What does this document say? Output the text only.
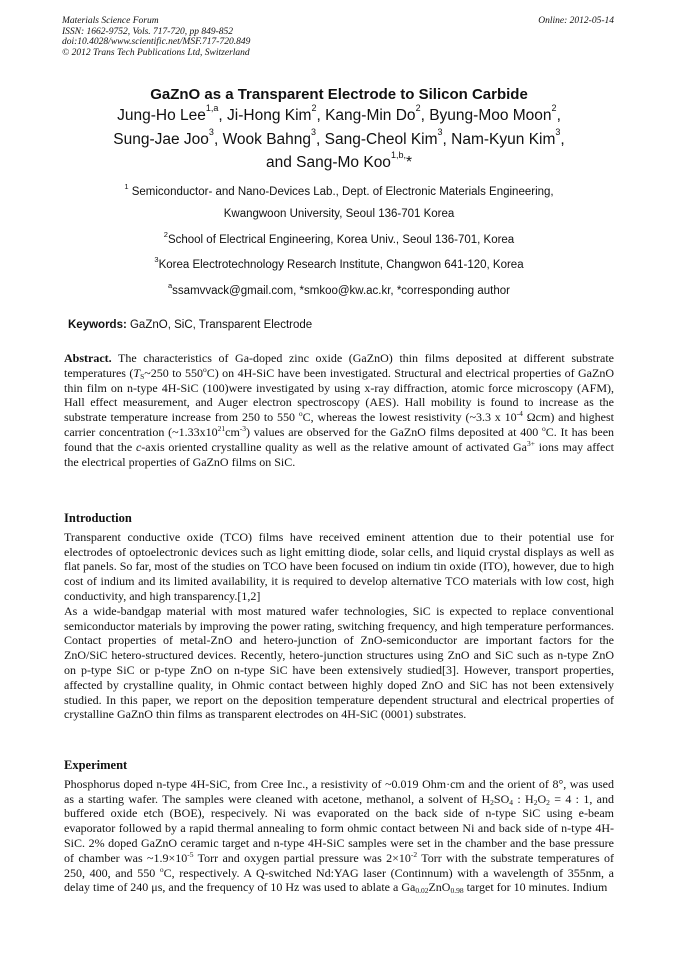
Materials Science Forum
ISSN: 1662-9752, Vols. 717-720, pp 849-852
doi:10.4028/www.scientific.net/MSF.717-720.849
© 2012 Trans Tech Publications Ltd, Switzerland
Online: 2012-05-14
GaZnO as a Transparent Electrode to Silicon Carbide
Jung-Ho Lee$^{1,a}$, Ji-Hong Kim$^2$, Kang-Min Do$^2$, Byung-Moo Moon$^2$,
Sung-Jae Joo$^3$, Wook Bahng$^3$, Sang-Cheol Kim$^3$, Nam-Kyun Kim$^3$,
and Sang-Mo Koo$^{1,b,}$*
$^1$ Semiconductor- and Nano-Devices Lab., Dept. of Electronic Materials Engineering,
Kwangwoon University, Seoul 136-701 Korea
$^2$School of Electrical Engineering, Korea Univ., Seoul 136-701, Korea
$^3$Korea Electrotechnology Research Institute, Changwon 641-120, Korea
$^a$ssamvvack@gmail.com, *smkoo@kw.ac.kr, *corresponding author
Keywords: GaZnO, SiC, Transparent Electrode

Abstract. The characteristics of Ga-doped zinc oxide (GaZnO) thin films deposited at different substrate temperatures ($T_S\sim 250$ to 550$^o$C) on 4H-SiC have been investigated. Structural and electrical properties of GaZnO thin film on n-type 4H-SiC (100)were investigated by using x-ray diffraction, atomic force microscopy (AFM), Hall effect measurement, and Auger electron spectroscopy (AES). Hall mobility is found to increase as the substrate temperature increase from 250 to 550 $^o$C, whereas the lowest resistivity (~3.3 x $10^{-4}$ Ωcm) and highest carrier concentration $(\sim 1.33x10^{21}cm^{-3})$ values are observed for the GaZnO films deposited at 400 $^o$C. It has been found that the c-axis oriented crystalline quality as well as the relative amount of activated $Ga^{3+}$ ions may affect the electrical properties of GaZnO films on SiC.

Introduction

Transparent conductive oxide (TCO) films have received eminent attention due to their potential use for electrodes of optoelectronic devices such as light emitting diode, solar cells, and liquid crystal displays as well as flat panels. So far, most of the studies on TCO have been focused on indium tin oxide (ITO), however, due to high cost of indium and its limited availability, it is required to develop alternative TCO materials with low cost, high conductivity, and high transparency.[1,2]

As a wide-bandgap material with most matured wafer technologies, SiC is expected to replace conventional semiconductor materials by improving the power rating, switching frequency, and high temperature performances. Contact properties of metal-ZnO and hetero-junction of ZnO-semiconductor are important factors for the ZnO/SiC hetero-structured devices. Recently, hetero-junction structures using ZnO and SiC such as n-type ZnO on p-type SiC or p-type ZnO on n-type SiC have been extensively studied[3]. However, transport properties, affected by crystalline quality, in Ohmic contact between highly doped ZnO and SiC has not been extensively studied. In this paper, we report on the deposition temperature dependent structural and electrical properties of crystalline GaZnO thin films as transparent electrodes on 4H-SiC (0001) substrates.

Experiment

Phosphorus doped n-type 4H-SiC, from Cree Inc., a resistivity of ~0.019 Ohm·cm and the orient of 8°, was used as a starting wafer. The samples were cleaned with acetone, methanol, a solvent of $H_2SO_4$ : $H_2O_2 = 4$ : 1, and buffered oxide etch (BOE), respecively. Ni was evaporated on the back side of n-type SiC using e-beam evaporator followed by a rapid thermal annealing to form ohmic contact between Ni and back side of n-type 4H-SiC. 2% doped GaZnO ceramic target and n-type 4H-SiC samples were set in the chamber and the base pressure of chamber was $\sim 1.9\times 10^{-5}$ Torr and oxygen partial pressure was $2\times 10^{-2}$ Torr with the substrate temperatures of 250, 400, and 550 $^o$C, respectively. A Q-switched Nd:YAG laser (Continnum) with a wavelength of 355nm, a delay time of 240 μs, and the frequency of 10 Hz was used to ablate a $Ga_{0.02}ZnO_{0.98}$ target for 10 minutes. Indium
